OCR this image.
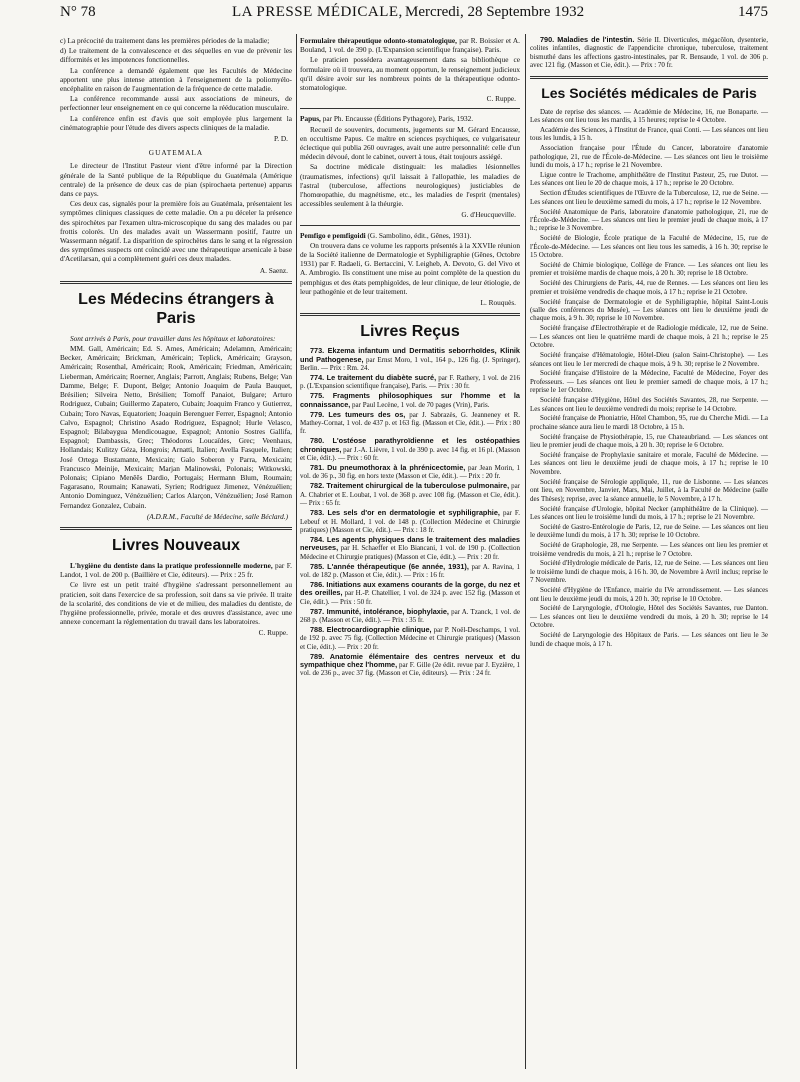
N° 78	LA PRESSE MÉDICALE, Mercredi, 28 Septembre 1932	1475

c) La précocité du traitement dans les premières périodes de la maladie;

d) Le traitement de la convalescence et des séquelles en vue de prévenir les difformités et les impotences fonctionnelles.

La conférence a demandé également que les Facultés de Médecine apportent une plus intense attention à l'enseignement de la poliomyélo-encéphalite en raison de l'augmentation de la fréquence de cette maladie.

La conférence recommande aussi aux associations de mineurs, de perfectionner leur enseignement en ce qui concerne la rééducation musculaire.

La conférence enfin est d'avis que soit employée plus largement la cinématographie pour l'étude des divers aspects cliniques de la maladie.

P. D.
GUATEMALA

Le directeur de l'Institut Pasteur vient d'être informé par la Direction générale de la Santé publique de la République du Guatémala (Amérique centrale) de la présence de deux cas de pian (spirochaeta pertenue) apparus dans ce pays.

Ces deux cas, signalés pour la première fois au Guatémala, présentaient les symptômes cliniques classiques de cette maladie. On a pu déceler la présence des spirochètes par l'examen ultra-microscopique du sang des malades ou par frottis colorés. Un des malades avait un Wassermann positif, l'autre un Wassermann négatif. La disparition de spirochètes dans le sang et la régression des symptômes suspects ont coïncidé avec une thérapeutique arsenicale à base d'Acetilarsan, qui a complètement guéri ces deux malades.

A. Saenz.
Les Médecins étrangers à Paris

Sont arrivés à Paris, pour travailler dans les hôpitaux et laboratoires:

MM. Gall, Américain; Ed. S. Ames, Américain; Adelamnn, Américain; Becker, Américain; Brickman, Américain; Teplick, Américain; Grayson, Américain; Rosenthal, Américain; Rook, Américain; Friedman, Américain; Lieberman, Américain; Roerner, Anglais; Parrott, Anglais; Rubens, Belge; Van Damme, Belge; F. Dupont, Belge; Antonio Joaquim de Paula Bauquet, Brésilien; Silveira Netto, Brésilien; Tomoff Panaiot, Bulgare; Arturo Rodriguez, Cubain; Guillermo Zapatero, Cubain; Joaquim Franco y Gutierrez, Cubain; Toro Navas, Equatorien; Joaquin Berenguer Ferrer, Espagnol; Antonio Calvo, Espagnol; Christino Asado Rodriguez, Espagnol; Hurle Velasco, Espagnol; Bilabaygua Mendicouague, Espagnol; Antonio Sostres Gallifa, Espagnol; Dambassis, Grec; Théodoros Loucaïdes, Grec; Veenhaus, Hollandais; Kulitzy Géza, Hongrois; Arnatti, Italien; Avella Fasquele, Italien; José Ortega Bustamante, Mexicain; Galo Soberon y Parra, Mexicain; Francusco Meinije, Mexicain; Marjan Malinowski, Polonais; Witkowski, Polonais; Cipiano Menêês Dardio, Portugais; Hermann Blum, Roumain; Fagarasano, Roumain; Kanawati, Syrien; Rodriguez Jimenez, Vénézuélien; Antonio Dominguez, Vénézuélien; Carlos Alarçon, Vénézuélien; José Ramon Fernandez Gonzalez, Cubain.

(A.D.R.M., Faculté de Médecine, salle Béclard.)
Livres Nouveaux

L'hygiène du dentiste dans la pratique professionnelle moderne, par F. Landot, 1 vol. de 200 p. (Baillière et Cie, éditeurs). — Prix : 25 fr.

Ce livre est un petit traité d'hygiène s'adressant personnellement au praticien, soit dans l'exercice de sa profession, soit dans sa vie privée. Il traite de la scolarité, des conditions de vie et de milieu, des maladies du dentiste, de l'hygiène professionnelle, privée, morale et des œuvres d'assistance, avec une annexe concernant la réglementation du travail dans les laboratoires.

C. Ruppe.

Formulaire thérapeutique odonto-stomatologique, par R. Boissier et A. Bouland, 1 vol. de 390 p. (L'Expansion scientifique française). Paris.

Le praticien possédera avantageusement dans sa bibliothèque ce formulaire où il trouvera, au moment opportun, le renseignement judicieux qu'il désire avoir sur les nombreux points de la thérapeutique odonto-stomatologique.

C. Ruppe.

Papus, par Ph. Encausse (Éditions Pythagore), Paris, 1932.

Recueil de souvenirs, documents, jugements sur M. Gérard Encausse, en occultisme Papus. Ce maître en sciences psychiques, ce vulgarisateur éclectique qui publia 260 ouvrages, avait une autre personnalité: celle d'un médecin dévoué, dont le cabinet, ouvert à tous, était toujours assiégé.

Sa doctrine médicale distinguait: les maladies lésionnelles (traumatismes, infections) qu'il laissait à l'allopathie, les maladies de l'astral (tuberculose, affections neurologiques) justiciables de l'homœopathie, du magnétisme, etc., les maladies de l'esprit (mentales) accessibles seulement à la théurgie.

G. d'Heucqueville.

Pemfigo e pemfigoidi (G. Sambolino, édit., Gênes, 1931).

On trouvera dans ce volume les rapports présentés à la XXVIIe réunion de la Société italienne de Dermatologie et Syphiligraphie (Gênes, Octobre 1931) par F. Radaeli, G. Bertaccini, V. Leigheb, A. Devoto, G. del Vivo et A. Ambrogio. Ils constituent une mise au point complète de la question du pemphigus et des états pemphigoïdes, de leur clinique, de leur étiologie, de leur pathogénie et de leur traitement.

L. Rouquès.
Livres Reçus

773. Ekzema infantum und Dermatitis seborrhoïdes, Klinik und Pathogenese, par Ernst Moro, 1 vol., 164 p., 126 fig. (J. Springer), Berlin. — Prix : Rm. 24.

774. Le traitement du diabète sucré, par F. Rathery, 1 vol. de 216 p. (L'Expansion scientifique française), Paris. — Prix : 30 fr.

775. Fragments philosophiques sur l'homme et la connaissance, par Paul Lecène, 1 vol. de 70 pages (Vrin), Paris.

779. Les tumeurs des os, par J. Sabrazès, G. Jeanneney et R. Mathey-Cornat, 1 vol. de 437 p. et 163 fig. (Masson et Cie, édit.). — Prix : 80 fr.

780. L'ostéose parathyroïdienne et les ostéopathies chroniques, par J.-A. Lièvre, 1 vol. de 390 p. avec 14 fig. et 16 pl. (Masson et Cie, édit.). — Prix : 60 fr.

781. Du pneumothorax à la phrénicectomie, par Jean Morin, 1 vol. de 36 p., 30 fig. en hors texte (Masson et Cie, édit.). — Prix : 20 fr.

782. Traitement chirurgical de la tuberculose pulmonaire, par A. Chabrier et E. Loubat, 1 vol. de 368 p. avec 108 fig. (Masson et Cie, édit.). — Prix : 65 fr.

783. Les sels d'or en dermatologie et syphiligraphie, par F. Lebeuf et H. Mollard, 1 vol. de 148 p. (Collection Médecine et Chirurgie pratiques) (Masson et Cie, édit.). — Prix : 18 fr.

784. Les agents physiques dans le traitement des maladies nerveuses, par H. Schaeffer et Elo Biancani, 1 vol. de 190 p. (Collection Médecine et Chirurgie pratiques) (Masson et Cie, édit.). — Prix : 20 fr.

785. L'année thérapeutique (6e année, 1931), par A. Ravina, 1 vol. de 182 p. (Masson et Cie, édit.). — Prix : 16 fr.

786. Initiations aux examens courants de la gorge, du nez et des oreilles, par H.-P. Chatellier, 1 vol. de 324 p. avec 152 fig. (Masson et Cie, édit.). — Prix : 50 fr.

787. Immunité, intolérance, biophylaxie, par A. Tzanck, 1 vol. de 268 p. (Masson et Cie, édit.). — Prix : 35 fr.

788. Electrocardiographie clinique, par P. Noël-Deschamps, 1 vol. de 192 p. avec 75 fig. (Collection Médecine et Chirurgie pratiques) (Masson et Cie, édit.). — Prix : 20 fr.

789. Anatomie élémentaire des centres nerveux et du sympathique chez l'homme, par F. Gille (2e édit. revue par J. Eyzière, 1 vol. de 236 p., avec 37 fig. (Masson et Cie, éditeurs). — Prix : 24 fr.

790. Maladies de l'intestin. Série II. Diverticules, mégacôlon, dysenterie, colites infantiles, diagnostic de l'appendicite chronique, tuberculose, traitement bismuthé dans les affections gastro-intestinales, par R. Bensaude, 1 vol. de 306 p. avec 121 fig. (Masson et Cie, édit.). — Prix : 70 fr.

Les Sociétés médicales de Paris

Date de reprise des séances. — Académie de Médecine, 16, rue Bonaparte. — Les séances ont lieu tous les mardis, à 15 heures; reprise le 4 Octobre.

Académie des Sciences, à l'Institut de France, quai Conti. — Les séances ont lieu tous les lundis, à 15 h.

Association française pour l'Étude du Cancer, laboratoire d'anatomie pathologique, 21, rue de l'École-de-Médecine. — Les séances ont lieu le troisième lundi du mois, à 17 h.; reprise le 21 Novembre.

Ligue contre le Trachome, amphithéâtre de l'Institut Pasteur, 25, rue Dutot. — Les séances ont lieu le 20 de chaque mois, à 17 h.; reprise le 20 Octobre.

Section d'Études scientifiques de l'Œuvre de la Tuberculose, 12, rue de Seine. — Les séances ont lieu le deuxième samedi du mois, à 17 h.; reprise le 12 Novembre.

Société Anatomique de Paris, laboratoire d'anatomie pathologique, 21, rue de l'École-de-Médecine. — Les séances ont lieu le premier jeudi de chaque mois, à 17 h.; reprise le 3 Novembre.

Société de Biologie, École pratique de la Faculté de Médecine, 15, rue de l'École-de-Médecine. — Les séances ont lieu tous les samedis, à 16 h. 30; reprise le 15 Octobre.

Société de Chimie biologique, Collège de France. — Les séances ont lieu les premier et troisième mardis de chaque mois, à 20 h. 30; reprise le 18 Octobre.

Société des Chirurgiens de Paris, 44, rue de Rennes. — Les séances ont lieu les premier et troisième vendredis de chaque mois, à 17 h.; reprise le 21 Octobre.

Société française de Dermatologie et de Syphiligraphie, hôpital Saint-Louis (salle des conférences du Musée), — Les séances ont lieu le deuxième jeudi de chaque mois, à 9 h. 30; reprise le 10 Novembre.

Société française d'Electrothérapie et de Radiologie médicale, 12, rue de Seine. — Les séances ont lieu le quatrième mardi de chaque mois, à 21 h.; reprise le 25 Octobre.

Société française d'Hématologie, Hôtel-Dieu (salon Saint-Christophe). — Les séances ont lieu le 1er mercredi de chaque mois, à 9 h. 30; reprise le 2 Novembre.

Société française d'Histoire de la Médecine, Faculté de Médecine, Foyer des Professeurs. — Les séances ont lieu le premier samedi de chaque mois, à 17 h.; reprise le 1er Octobre.

Société française d'Hygiène, Hôtel des Sociétés Savantes, 28, rue Serpente. — Les séances ont lieu le deuxième vendredi du mois; reprise le 14 Octobre.

Société française de Phoniatrie, Hôtel Chambon, 95, rue du Cherche Midi. — La prochaine séance aura lieu le mardi 18 Octobre, à 15 h.

Société française de Physiothérapie, 15, rue Chateaubriand. — Les séances ont lieu le premier jeudi de chaque mois, à 20 h. 30; reprise le 6 Octobre.

Société française de Prophylaxie sanitaire et morale, Faculté de Médecine. — Les séances ont lieu le deuxième jeudi de chaque mois, à 17 h.; reprise le 10 Novembre.

Société française de Sérologie appliquée, 11, rue de Lisbonne. — Les séances ont lieu, en Novembre, Janvier, Mars, Mai, Juillet, à la Faculté de Médecine (salle des Thèses); reprise, avec la séance annuelle, le 5 Novembre, à 17 h.

Société française d'Urologie, hôpital Necker (amphithéâtre de la Clinique). — Les séances ont lieu le troisième lundi du mois, à 17 h.; reprise le 21 Novembre.

Société de Gastro-Entérologie de Paris, 12, rue de Seine. — Les séances ont lieu le deuxième lundi du mois, à 17 h. 30; reprise le 10 Octobre.

Société de Graphologie, 28, rue Serpente. — Les séances ont lieu les premier et troisième vendredis du mois, à 21 h.; reprise le 7 Octobre.

Société d'Hydrologie médicale de Paris, 12, rue de Seine. — Les séances ont lieu le troisième lundi de chaque mois, à 16 h. 30, de Novembre à Avril inclus; reprise le 7 Novembre.

Société d'Hygiène de l'Enfance, mairie du IVe arrondissement. — Les séances ont lieu le deuxième jeudi du mois, à 20 h. 30; reprise le 10 Octobre.

Société de Laryngologie, d'Otologie, Hôtel des Sociétés Savantes, rue Danton. — Les séances ont lieu le deuxième vendredi du mois, à 20 h. 30; reprise le 14 Octobre.

Société de Laryngologie des Hôpitaux de Paris. — Les séances ont lieu le 3e lundi de chaque mois, à 17 h.
